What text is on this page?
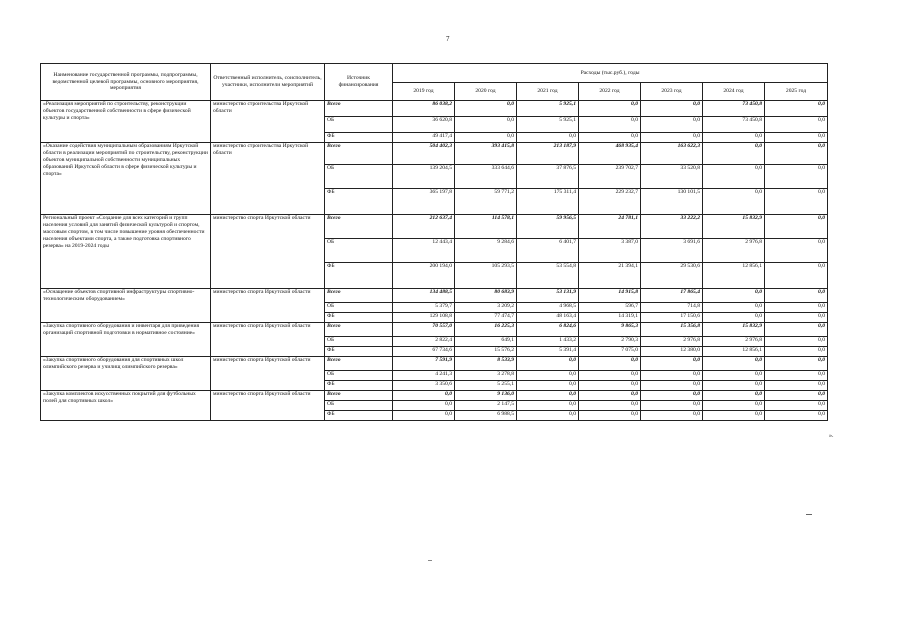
7
Наименование государственной программы, подпрограммы, ведомственной целевой программы, основного мероприятия, мероприятия	Ответственный исполнитель, соисполнитель, участники, исполнители мероприятий	Источник финансирования	Расходы (тыс.руб.), годы						
			2019 год	2020 год	2021 год	2022 год	2023 год	2024 год	2025 год
«Реализация мероприятий по строительству, реконструкции объектов государственной собственности в сфере физической культуры и спорта»	министерство строительства Иркутской области	Всего	86 038,2	0,0	5 925,1	0,0	0,0	73 450,8	0,0
		ОБ	36 620,8	0,0	5 925,1	0,0	0,0	73 450,8	0,0
		ФБ	49 417,4	0,0	0,0	0,0	0,0	0,0	0,0
«Оказание содействия муниципальным образованиям Иркутской области в реализации мероприятий по строительству, реконструкции объектов муниципальной собственности муниципальных образований Иркутской области в сфере физической культуры и спорта»	министерство строительства Иркутской области	Всего	504 402,3	393 415,8	213 187,9	468 935,4	163 622,3	0,0	0,0
		ОБ	139 204,5	333 644,6	37 876,5	239 702,7	33 520,8	0,0	0,0
		ФБ	365 197,8	59 771,2	175 311,4	229 232,7	130 101,5	0,0	0,0
Региональный проект «Создание для всех категорий и групп населения условий для занятий физической культурой и спортом, массовым спортом, в том числе повышение уровня обеспеченности населения объектами спорта, а также подготовка спортивного резерва» на 2019-2024 годы	министерство спорта Иркутской области	Всего	212 637,4	114 578,1	59 956,5	24 781,1	33 222,2	15 832,9	0,0
		ОБ	12 443,4	9 284,6	6 401,7	3 387,0	3 691,6	2 976,8	0,0
		ФБ	200 194,0	105 293,5	53 554,8	21 394,1	29 530,6	12 856,1	0,0
«Оснащение объектов спортивной инфраструктуры спортивно-технологическим оборудованием»	министерство спорта Иркутской области	Всего	134 488,5	80 683,9	53 131,9	14 915,8	17 865,4	0,0	0,0
		ОБ	5 379,7	3 209,2	4 968,5	596,7	714,8	0,0	0,0
		ФБ	129 108,8	77 474,7	48 163,4	14 319,1	17 150,6	0,0	0,0
«Закупка спортивного оборудования и инвентаря для приведения организаций спортивной подготовки в нормативное состояние»	министерство спорта Иркутской области	Всего	70 557,0	16 225,3	6 824,6	9 865,3	15 356,8	15 832,9	0,0
		ОБ	2 822,4	649,1	1 433,2	2 790,3	2 976,8	2 976,8	0,0
		ФБ	67 734,6	15 576,2	5 391,4	7 075,0	12 380,0	12 856,1	0,0
«Закупка спортивного оборудования для спортивных школ олимпийского резерва и училищ олимпийского резерва»	министерство спорта Иркутской области	Всего	7 591,9	8 533,9	0,0	0,0	0,0	0,0	0,0
		ОБ	4 241,3	3 278,8	0,0	0,0	0,0	0,0	0,0
		ФБ	3 350,6	5 255,1	0,0	0,0	0,0	0,0	0,0
«Закупка комплектов искусственных покрытий для футбольных полей для спортивных школ»	министерство спорта Иркутской области	Всего	0,0	9 136,0	0,0	0,0	0,0	0,0	0,0
		ОБ	0,0	2 147,5	0,0	0,0	0,0	0,0	0,0
		ФБ	0,0	6 988,5	0,0	0,0	0,0	0,0	0,0
».
